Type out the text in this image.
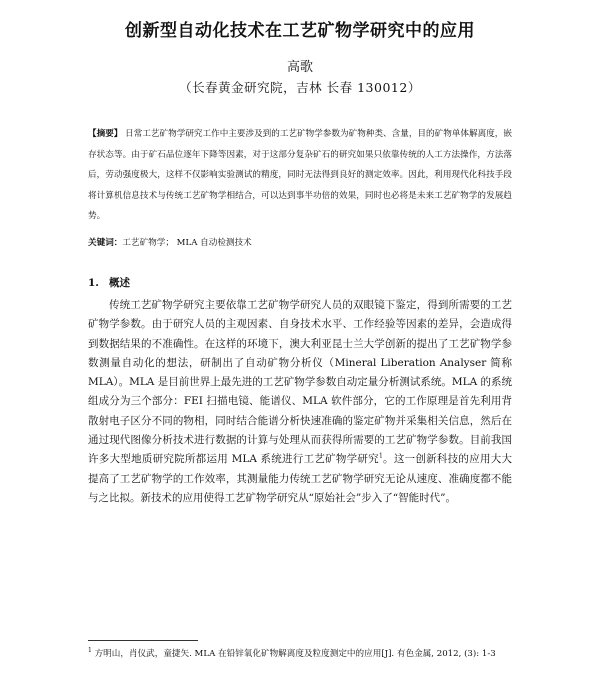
创新型自动化技术在工艺矿物学研究中的应用
高歌
（长春黄金研究院，吉林 长春 130012）
【摘要】 日常工艺矿物学研究工作中主要涉及到的工艺矿物学参数为矿物种类、含量，目的矿物单体解离度，嵌存状态等。由于矿石品位逐年下降等因素，对于这部分复杂矿石的研究如果只依靠传统的人工方法操作，方法落后，劳动强度极大，这样不仅影响实验测试的精度，同时无法得到良好的测定效率。因此，利用现代化科技手段将计算机信息技术与传统工艺矿物学相结合，可以达到事半功倍的效果，同时也必将是未来工艺矿物学的发展趋势。
关键词：工艺矿物学； MLA 自动检测技术
1. 概述
传统工艺矿物学研究主要依靠工艺矿物学研究人员的双眼镜下鉴定，得到所需要的工艺矿物学参数。由于研究人员的主观因素、自身技术水平、工作经验等因素的差异，会造成得到数据结果的不准确性。在这样的环境下，澳大利亚昆士兰大学创新的提出了工艺矿物学参数测量自动化的想法，研制出了自动矿物分析仪（Mineral Liberation Analyser 简称 MLA）。MLA 是目前世界上最先进的工艺矿物学参数自动定量分析测试系统。MLA 的系统组成分为三个部分：FEI 扫描电镜、能谱仪、MLA 软件部分，它的工作原理是首先利用背散射电子区分不同的物相，同时结合能谱分析快速准确的鉴定矿物并采集相关信息，然后在通过现代图像分析技术进行数据的计算与处理从而获得所需要的工艺矿物学参数。目前我国许多大型地质研究院所都运用 MLA 系统进行工艺矿物学研究$^1$。这一创新科技的应用大大提高了工艺矿物学的工作效率，其测量能力传统工艺矿物学研究无论从速度、准确度都不能与之比拟。新技术的应用使得工艺矿物学研究从“原始社会”步入了“智能时代”。
$^1$ 方明山，肖仪武，童捷矢. MLA 在铅锌氧化矿物解离度及粒度测定中的应用[J]. 有色金属, 2012, (3): 1-3
